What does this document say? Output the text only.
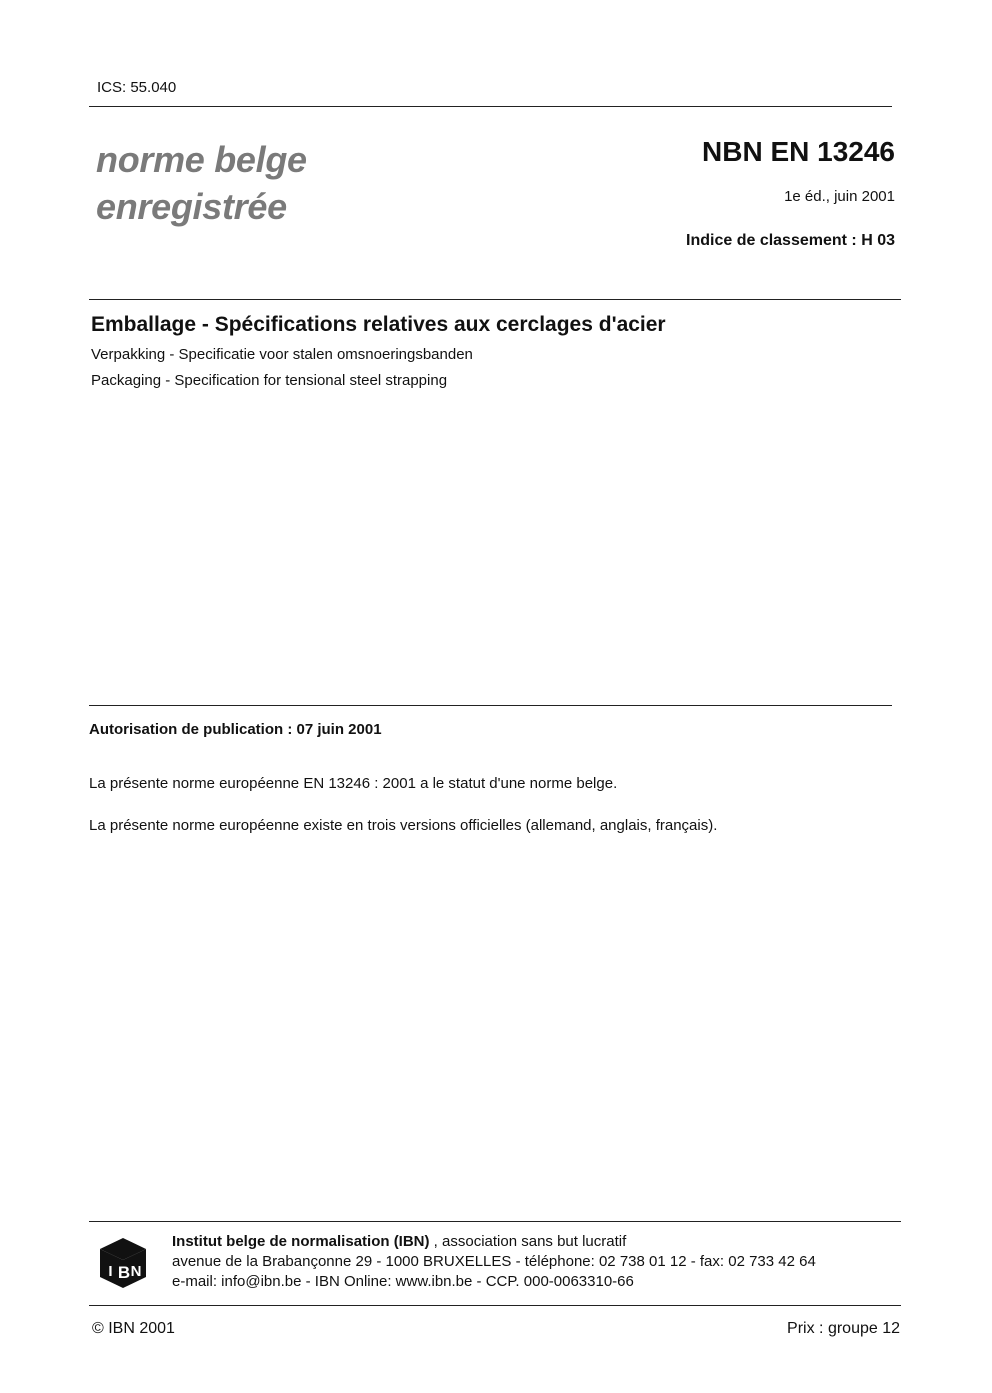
ICS: 55.040
norme belge
enregistrée
NBN EN 13246
1e éd., juin 2001
Indice de classement : H 03
Emballage - Spécifications relatives aux cerclages d'acier
Verpakking - Specificatie voor stalen omsnoeringsbanden
Packaging - Specification for tensional steel strapping
Autorisation de publication : 07 juin 2001
La présente norme européenne EN 13246 : 2001 a le statut d'une norme belge.
La présente norme européenne existe en trois versions officielles (allemand, anglais, français).
I B N
Institut belge de normalisation (IBN) , association sans but lucratif
avenue de la Brabançonne 29 - 1000 BRUXELLES - téléphone: 02 738 01 12 - fax: 02 733 42 64
e-mail: info@ibn.be - IBN Online: www.ibn.be - CCP. 000-0063310-66
© IBN 2001	Prix : groupe 12
